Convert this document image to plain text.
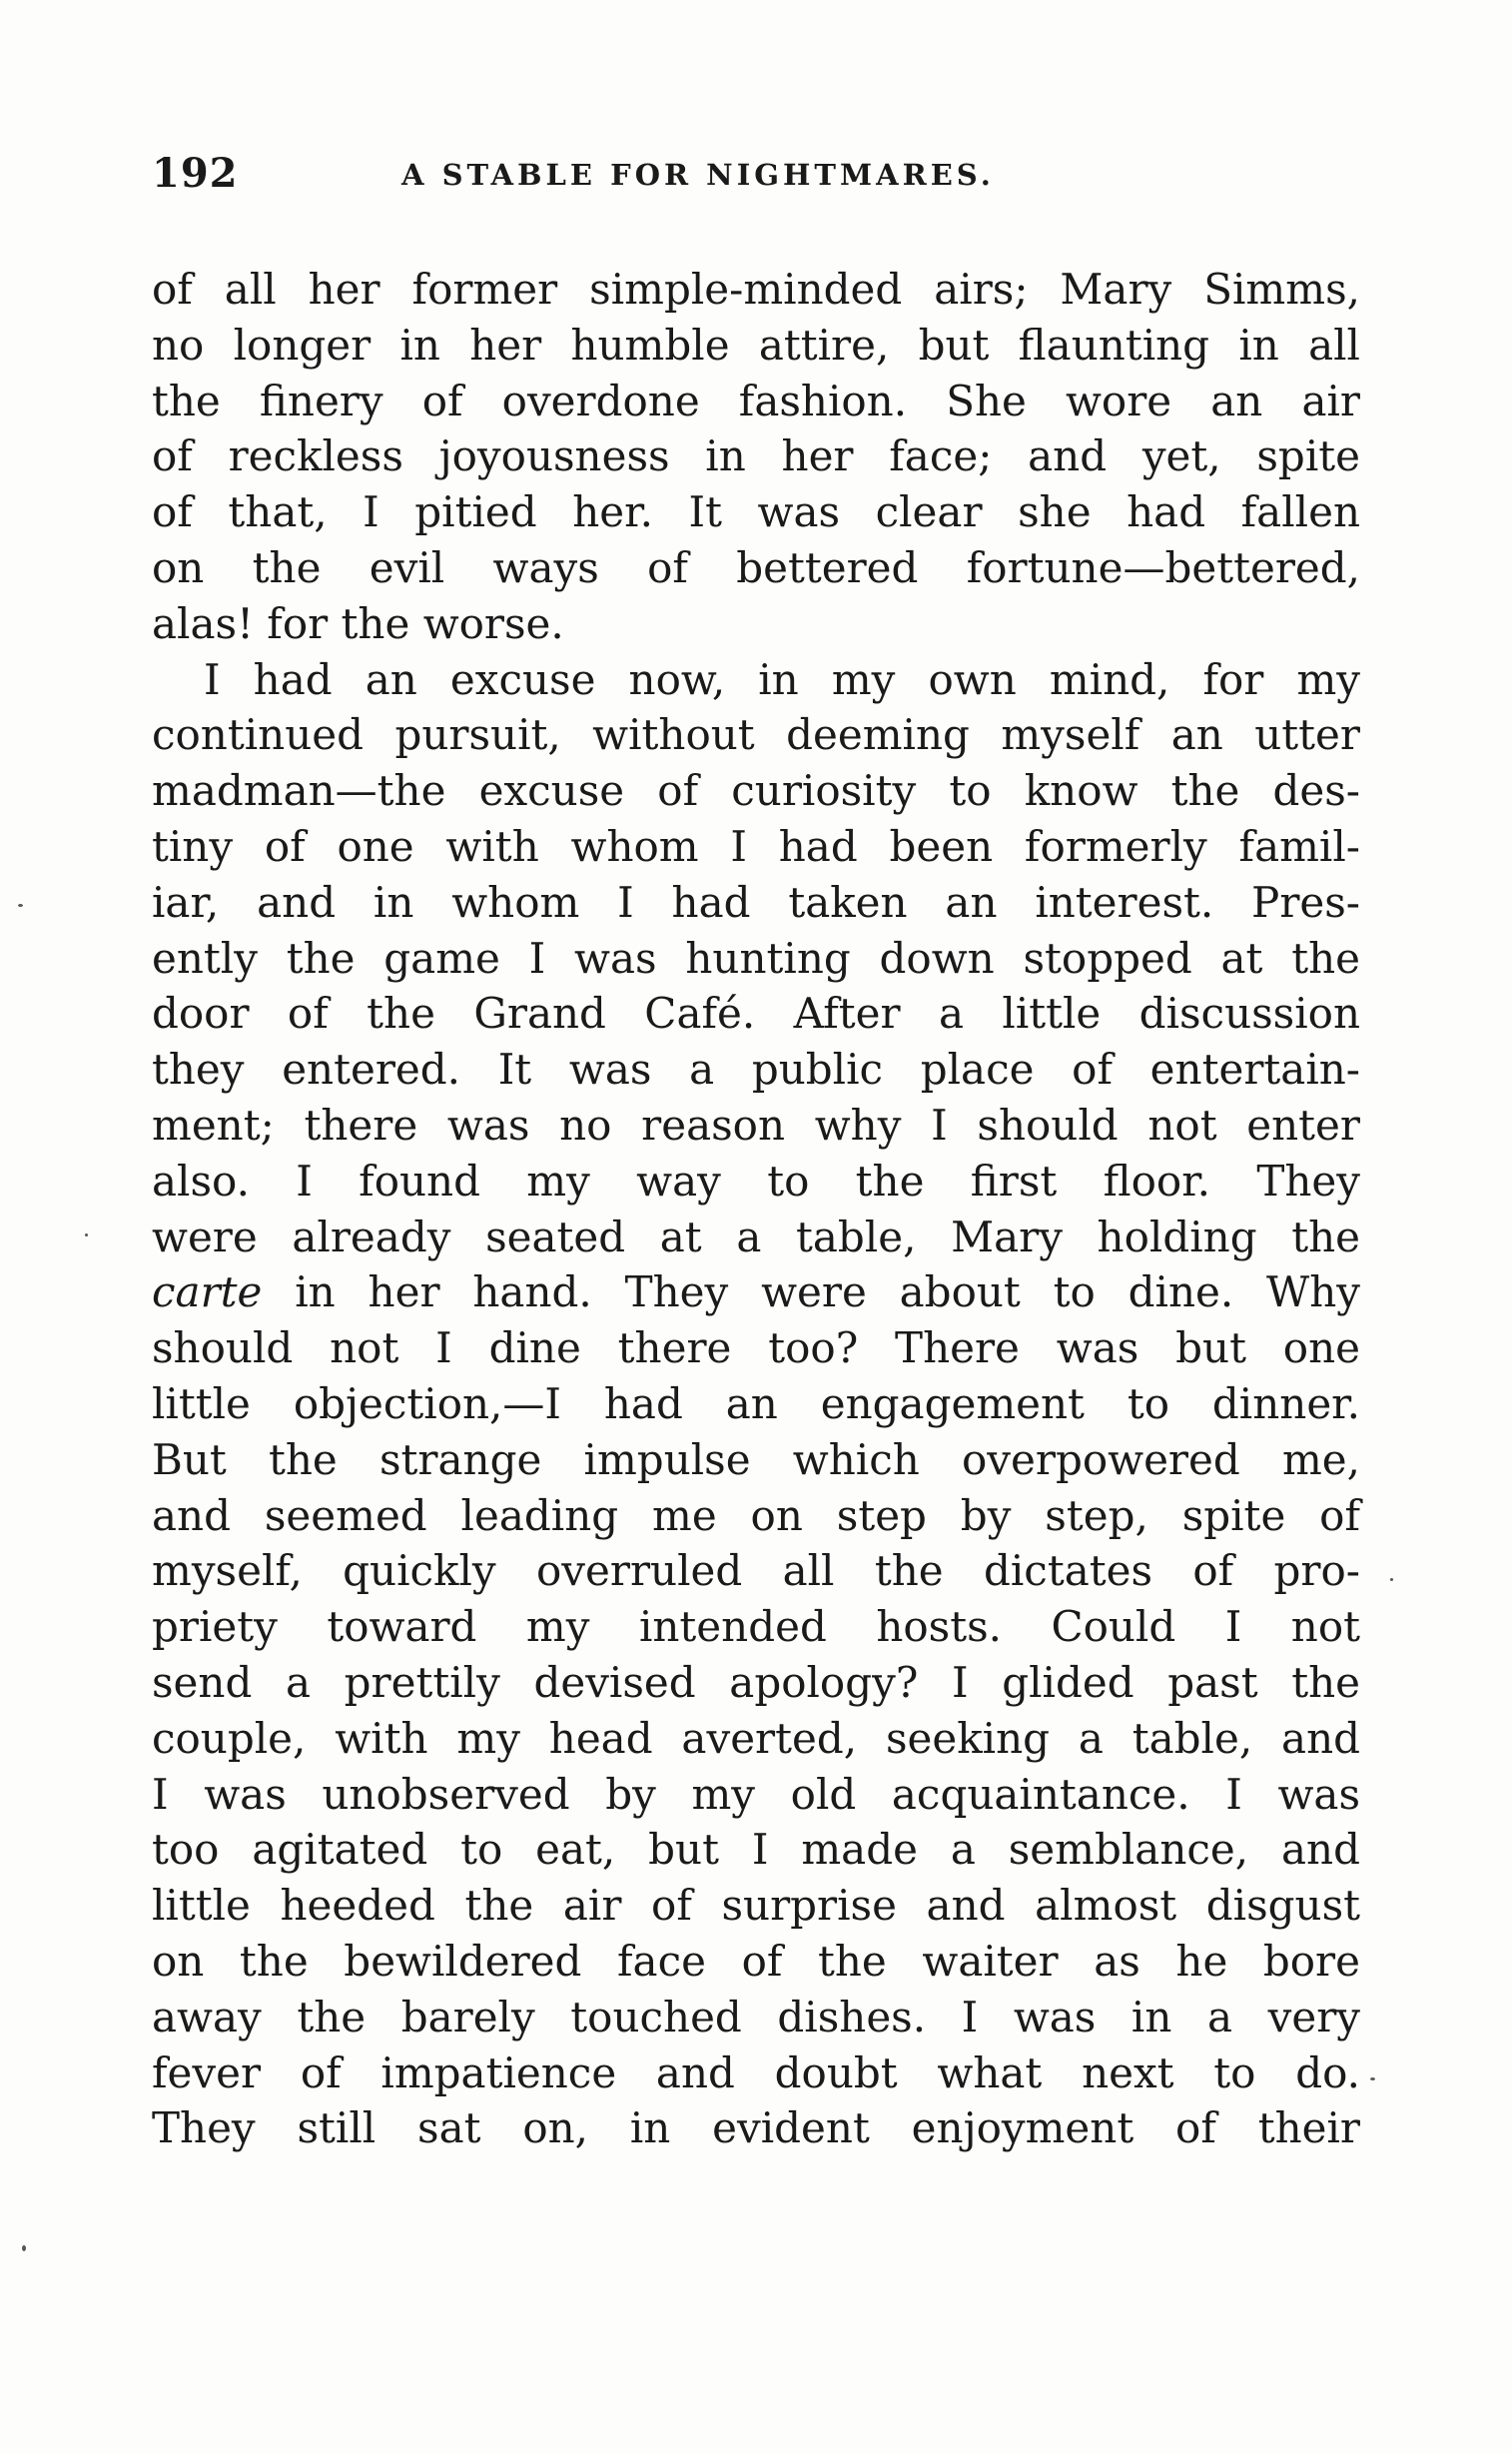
192	A STABLE FOR NIGHTMARES.
of all her former simple-minded airs; Mary Simms,
no longer in her humble attire, but flaunting in all
the finery of overdone fashion. She wore an air
of reckless joyousness in her face; and yet, spite
of that, I pitied her. It was clear she had fallen
on the evil ways of bettered fortune—bettered,
alas! for the worse.
I had an excuse now, in my own mind, for my
continued pursuit, without deeming myself an utter
madman—the excuse of curiosity to know the des-
tiny of one with whom I had been formerly famil-
iar, and in whom I had taken an interest. Pres-
ently the game I was hunting down stopped at the
door of the Grand Café. After a little discussion
they entered. It was a public place of entertain-
ment; there was no reason why I should not enter
also. I found my way to the first floor. They
were already seated at a table, Mary holding the
carte in her hand. They were about to dine. Why
should not I dine there too? There was but one
little objection,—I had an engagement to dinner.
But the strange impulse which overpowered me,
and seemed leading me on step by step, spite of
myself, quickly overruled all the dictates of pro-
priety toward my intended hosts. Could I not
send a prettily devised apology? I glided past the
couple, with my head averted, seeking a table, and
I was unobserved by my old acquaintance. I was
too agitated to eat, but I made a semblance, and
little heeded the air of surprise and almost disgust
on the bewildered face of the waiter as he bore
away the barely touched dishes. I was in a very
fever of impatience and doubt what next to do.
They still sat on, in evident enjoyment of their
